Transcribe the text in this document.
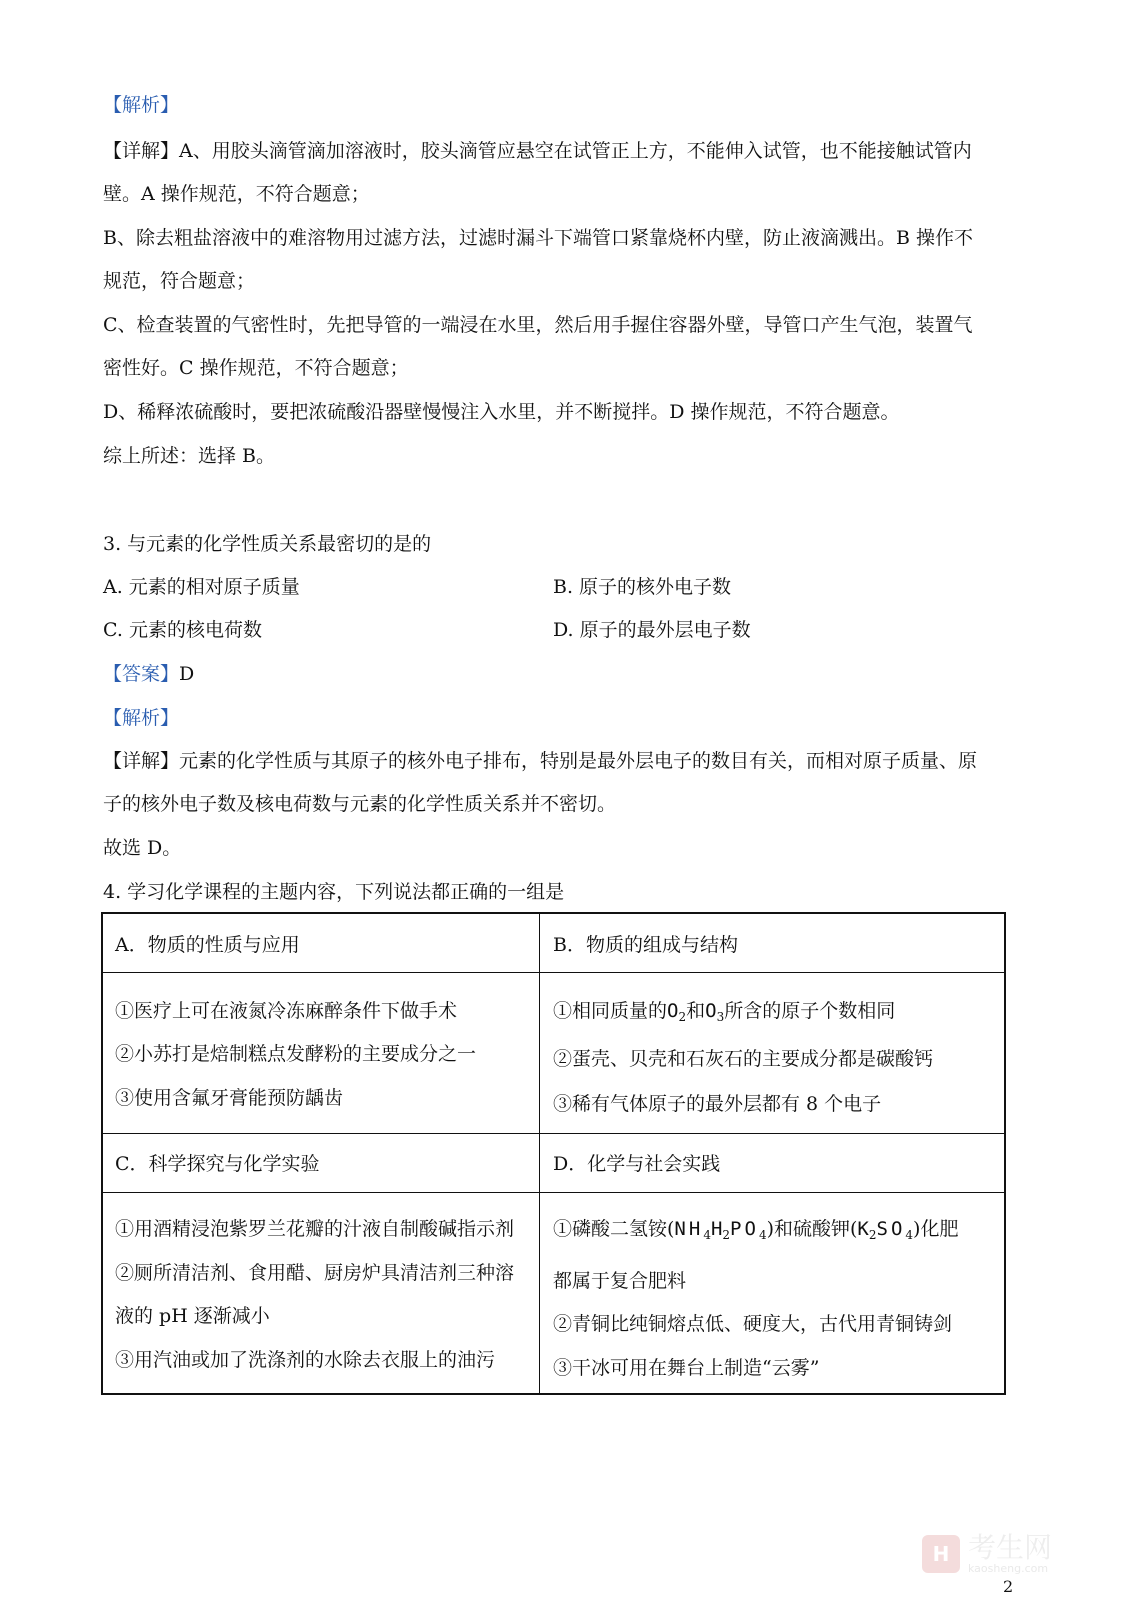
【解析】
【详解】A、用胶头滴管滴加溶液时，胶头滴管应悬空在试管正上方，不能伸入试管，也不能接触试管内
壁。A 操作规范，不符合题意；
B、除去粗盐溶液中的难溶物用过滤方法，过滤时漏斗下端管口紧靠烧杯内壁，防止液滴溅出。B 操作不
规范，符合题意；
C、检查装置的气密性时，先把导管的一端浸在水里，然后用手握住容器外壁，导管口产生气泡，装置气
密性好。C 操作规范，不符合题意；
D、稀释浓硫酸时，要把浓硫酸沿器壁慢慢注入水里，并不断搅拌。D 操作规范，不符合题意。
综上所述：选择 B。
3. 与元素的化学性质关系最密切的是的
A. 元素的相对原子质量	B. 原子的核外电子数
C. 元素的核电荷数	D. 原子的最外层电子数
【答案】D
【解析】
【详解】元素的化学性质与其原子的核外电子排布，特别是最外层电子的数目有关，而相对原子质量、原
子的核外电子数及核电荷数与元素的化学性质关系并不密切。
故选 D。
4. 学习化学课程的主题内容，下列说法都正确的一组是
A．物质的性质与应用
①医疗上可在液氮冷冻麻醉条件下做手术
②小苏打是焙制糕点发酵粉的主要成分之一
③使用含氟牙膏能预防龋齿
B．物质的组成与结构
①相同质量的$O_2$和$O_3$所含的原子个数相同
②蛋壳、贝壳和石灰石的主要成分都是碳酸钙
③稀有气体原子的最外层都有 8 个电子
C．科学探究与化学实验
①用酒精浸泡紫罗兰花瓣的汁液自制酸碱指示剂
②厕所清洁剂、食用醋、厨房炉具清洁剂三种溶
液的 pH 逐渐减小
③用汽油或加了洗涤剂的水除去衣服上的油污
D．化学与社会实践
①磷酸二氢铵$(NH_4H_2PO_4)$和硫酸钾$(K_2SO_4)$化肥
都属于复合肥料
②青铜比纯铜熔点低、硬度大，古代用青铜铸剑
③干冰可用在舞台上制造“云雾”
H 考生网
kaosheng.com
2
